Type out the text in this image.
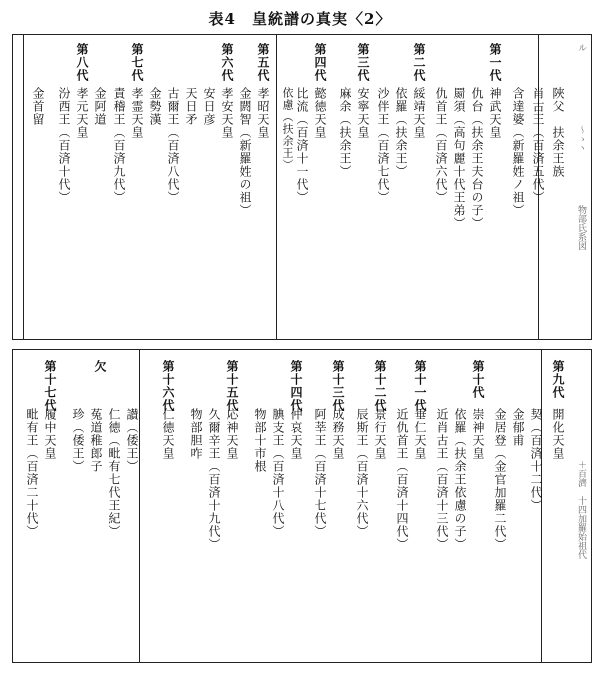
表4　皇統譜の真実〈2〉
ル
〜ゝヽ
物部氏系図
陜父　扶余王族
肖古王（百済五代）
含達婆（新羅姓ノ祖）
第一代
神武天皇
仇台（扶余王夫台の子）
罽須（高句麗十代王弟）
仇首王（百済六代）
第二代
綏靖天皇
依羅（扶余王）
沙伴王（百済七代）
第三代
安寧天皇
麻余（扶余王）
第四代
懿徳天皇
比流（百済十一代）
依慮（扶余王）
第五代
孝昭天皇
金閼智（新羅姓の祖）
孝安天皇
安日彦
天日矛
古爾王（百済八代）
第六代
金勢漢
孝霊天皇
責稽王（百済九代）
第七代
金阿道
孝元天皇
汾西王（百済十代）
第八代
金首留
＋百濟　十四加羅始祖代
第九代
開化天皇
契（百済十二代）
金郁甫
金居登（金官加羅二代）
第十代
崇神天皇
依羅（扶余王依慮の子）
近肖古王（百済十三代）
第十一代
垂仁天皇
近仇首王（百済十四代）
第十二代
景行天皇
辰斯王（百済十六代）
第十三代
成務天皇
阿莘王（百済十七代）
第十四代
仲哀天皇
腆支王（百済十八代）
物部十市根
第十五代
応神天皇
久爾辛王（百済十九代）
物部胆咋
第十六代
仁徳天皇
讃（倭王）
仁徳（毗有七代王紀）
菟道稚郎子
珍（倭王）
欠
第十七代
履中天皇
毗有王（百済二十代）
